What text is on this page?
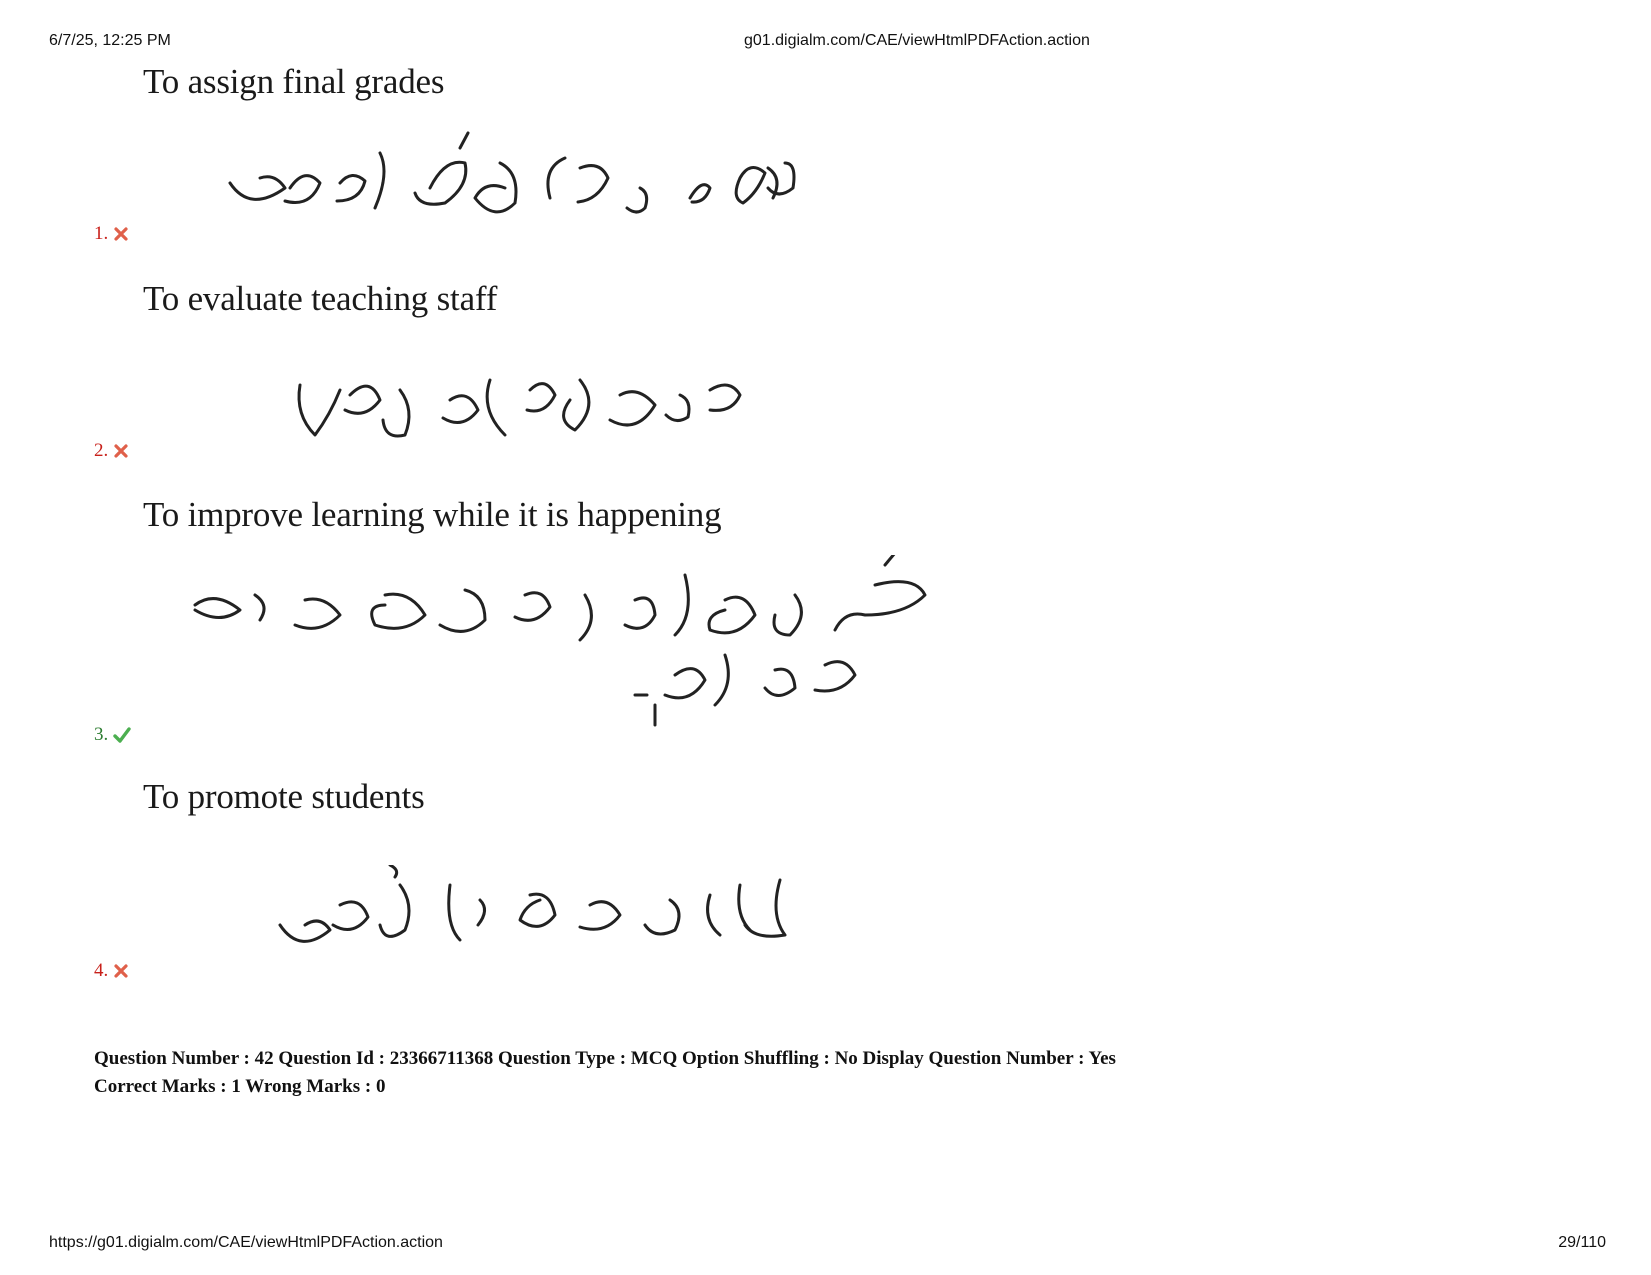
6/7/25, 12:25 PM	g01.digialm.com/CAE/viewHtmlPDFAction.action
To assign final grades
1.
To evaluate teaching staff
2.
To improve learning while it is happening
3.
To promote students
4.
Question Number : 42 Question Id : 23366711368 Question Type : MCQ Option Shuffling : No Display Question Number : Yes
Correct Marks : 1 Wrong Marks : 0
https://g01.digialm.com/CAE/viewHtmlPDFAction.action	29/110
